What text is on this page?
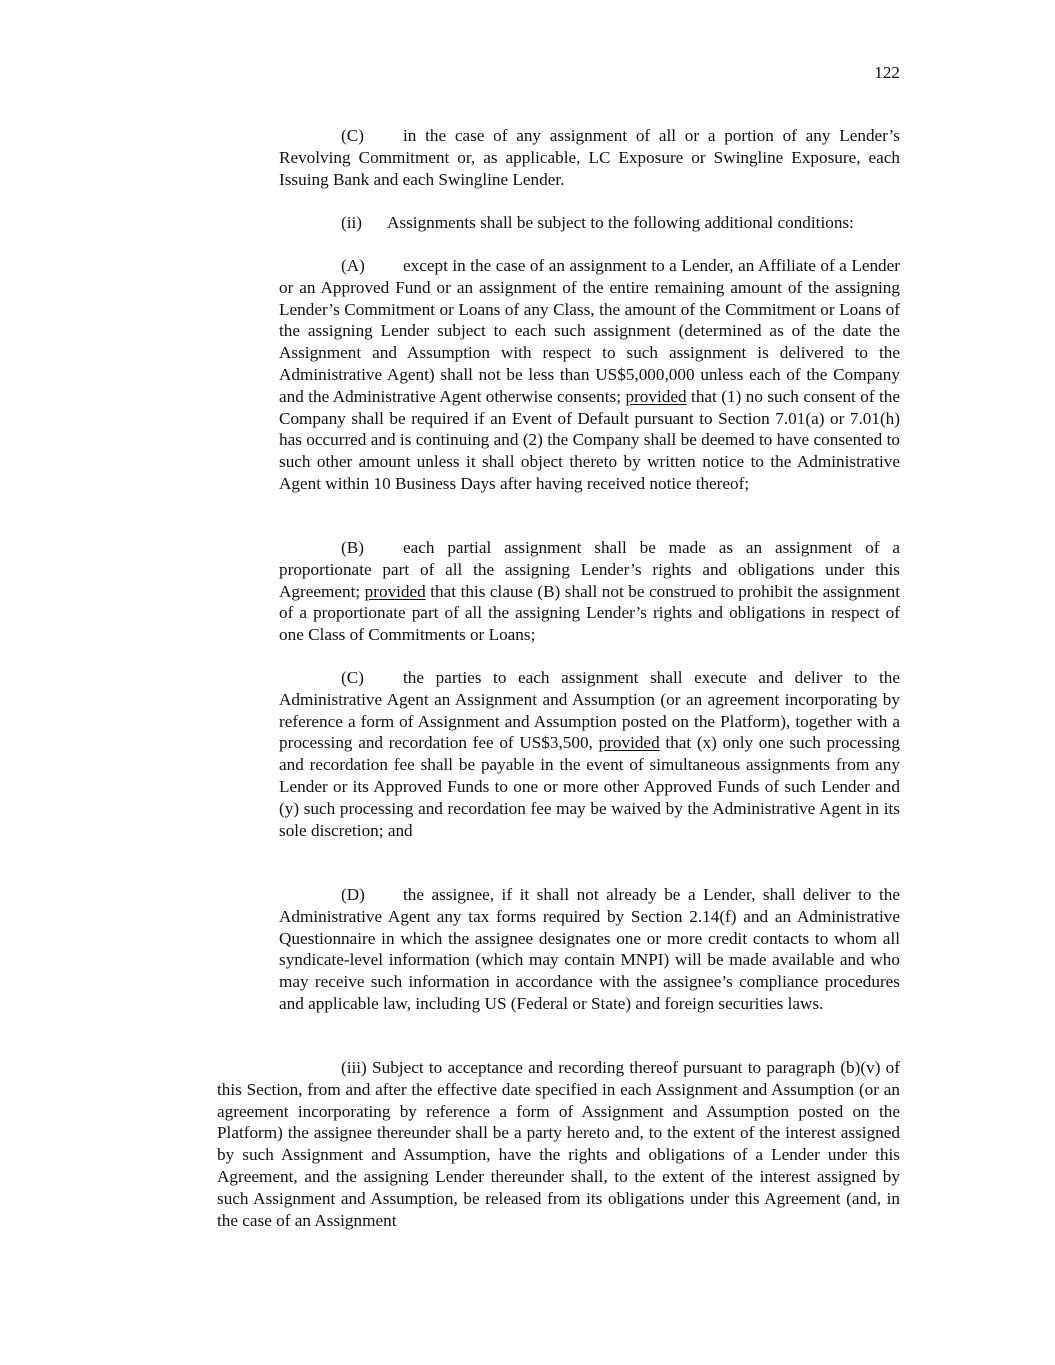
122

(C) in the case of any assignment of all or a portion of any Lender’s Revolving Commitment or, as applicable, LC Exposure or Swingline Exposure, each Issuing Bank and each Swingline Lender.

(ii) Assignments shall be subject to the following additional conditions:

(A) except in the case of an assignment to a Lender, an Affiliate of a Lender or an Approved Fund or an assignment of the entire remaining amount of the assigning Lender’s Commitment or Loans of any Class, the amount of the Commitment or Loans of the assigning Lender subject to each such assignment (determined as of the date the Assignment and Assumption with respect to such assignment is delivered to the Administrative Agent) shall not be less than US$5,000,000 unless each of the Company and the Administrative Agent otherwise consents; provided that (1) no such consent of the Company shall be required if an Event of Default pursuant to Section 7.01(a) or 7.01(h) has occurred and is continuing and (2) the Company shall be deemed to have consented to such other amount unless it shall object thereto by written notice to the Administrative Agent within 10 Business Days after having received notice thereof;

(B) each partial assignment shall be made as an assignment of a proportionate part of all the assigning Lender’s rights and obligations under this Agreement; provided that this clause (B) shall not be construed to prohibit the assignment of a proportionate part of all the assigning Lender’s rights and obligations in respect of one Class of Commitments or Loans;

(C) the parties to each assignment shall execute and deliver to the Administrative Agent an Assignment and Assumption (or an agreement incorporating by reference a form of Assignment and Assumption posted on the Platform), together with a processing and recordation fee of US$3,500, provided that (x) only one such processing and recordation fee shall be payable in the event of simultaneous assignments from any Lender or its Approved Funds to one or more other Approved Funds of such Lender and (y) such processing and recordation fee may be waived by the Administrative Agent in its sole discretion; and

(D) the assignee, if it shall not already be a Lender, shall deliver to the Administrative Agent any tax forms required by Section 2.14(f) and an Administrative Questionnaire in which the assignee designates one or more credit contacts to whom all syndicate-level information (which may contain MNPI) will be made available and who may receive such information in accordance with the assignee’s compliance procedures and applicable law, including US (Federal or State) and foreign securities laws.

(iii) Subject to acceptance and recording thereof pursuant to paragraph (b)(v) of this Section, from and after the effective date specified in each Assignment and Assumption (or an agreement incorporating by reference a form of Assignment and Assumption posted on the Platform) the assignee thereunder shall be a party hereto and, to the extent of the interest assigned by such Assignment and Assumption, have the rights and obligations of a Lender under this Agreement, and the assigning Lender thereunder shall, to the extent of the interest assigned by such Assignment and Assumption, be released from its obligations under this Agreement (and, in the case of an Assignment
